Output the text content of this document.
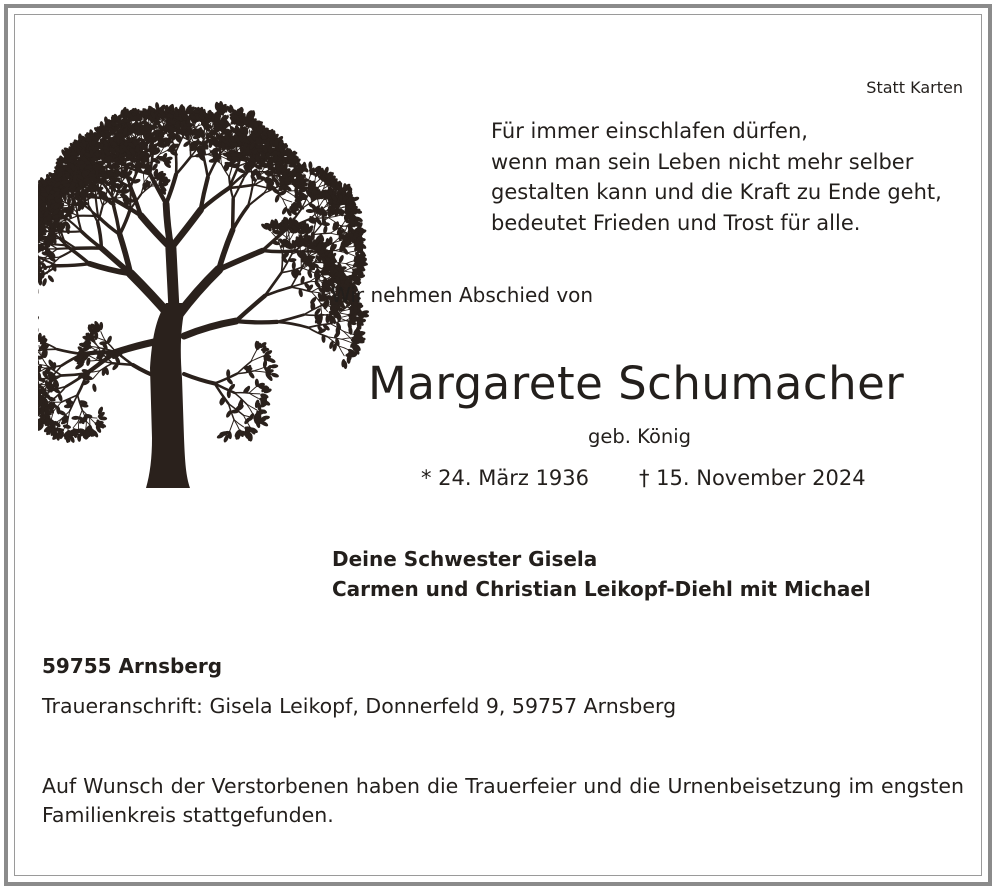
Statt Karten
Für immer einschlafen dürfen,
wenn man sein Leben nicht mehr selber
gestalten kann und die Kraft zu Ende geht,
bedeutet Frieden und Trost für alle.
Wir nehmen Abschied von
Margarete Schumacher
geb. König
* 24. März 1936 † 15. November 2024
Deine Schwester Gisela
Carmen und Christian Leikopf-Diehl mit Michael
59755 Arnsberg
Traueranschrift: Gisela Leikopf, Donnerfeld 9, 59757 Arnsberg
Auf Wunsch der Verstorbenen haben die Trauerfeier und die Urnenbeisetzung im engsten Familienkreis stattgefunden.
